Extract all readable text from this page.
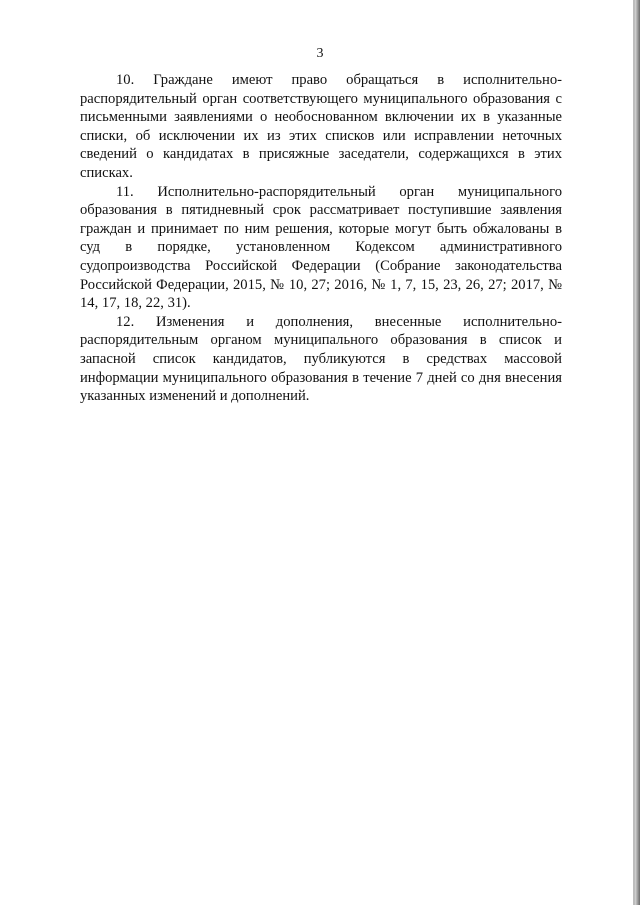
3

10. Граждане имеют право обращаться в исполнительно-распорядительный орган соответствующего муниципального образования с письменными заявлениями о необоснованном включении их в указанные списки, об исключении их из этих списков или исправлении неточных сведений о кандидатах в присяжные заседатели, содержащихся в этих списках.

11. Исполнительно-распорядительный орган муниципального образования в пятидневный срок рассматривает поступившие заявления граждан и принимает по ним решения, которые могут быть обжалованы в суд в порядке, установленном Кодексом административного судопроизводства Российской Федерации (Собрание законодательства Российской Федерации, 2015, № 10, 27; 2016, № 1, 7, 15, 23, 26, 27; 2017, № 14, 17, 18, 22, 31).

12. Изменения и дополнения, внесенные исполнительно-распорядительным органом муниципального образования в список и запасной список кандидатов, публикуются в средствах массовой информации муниципального образования в течение 7 дней со дня внесения указанных изменений и дополнений.
